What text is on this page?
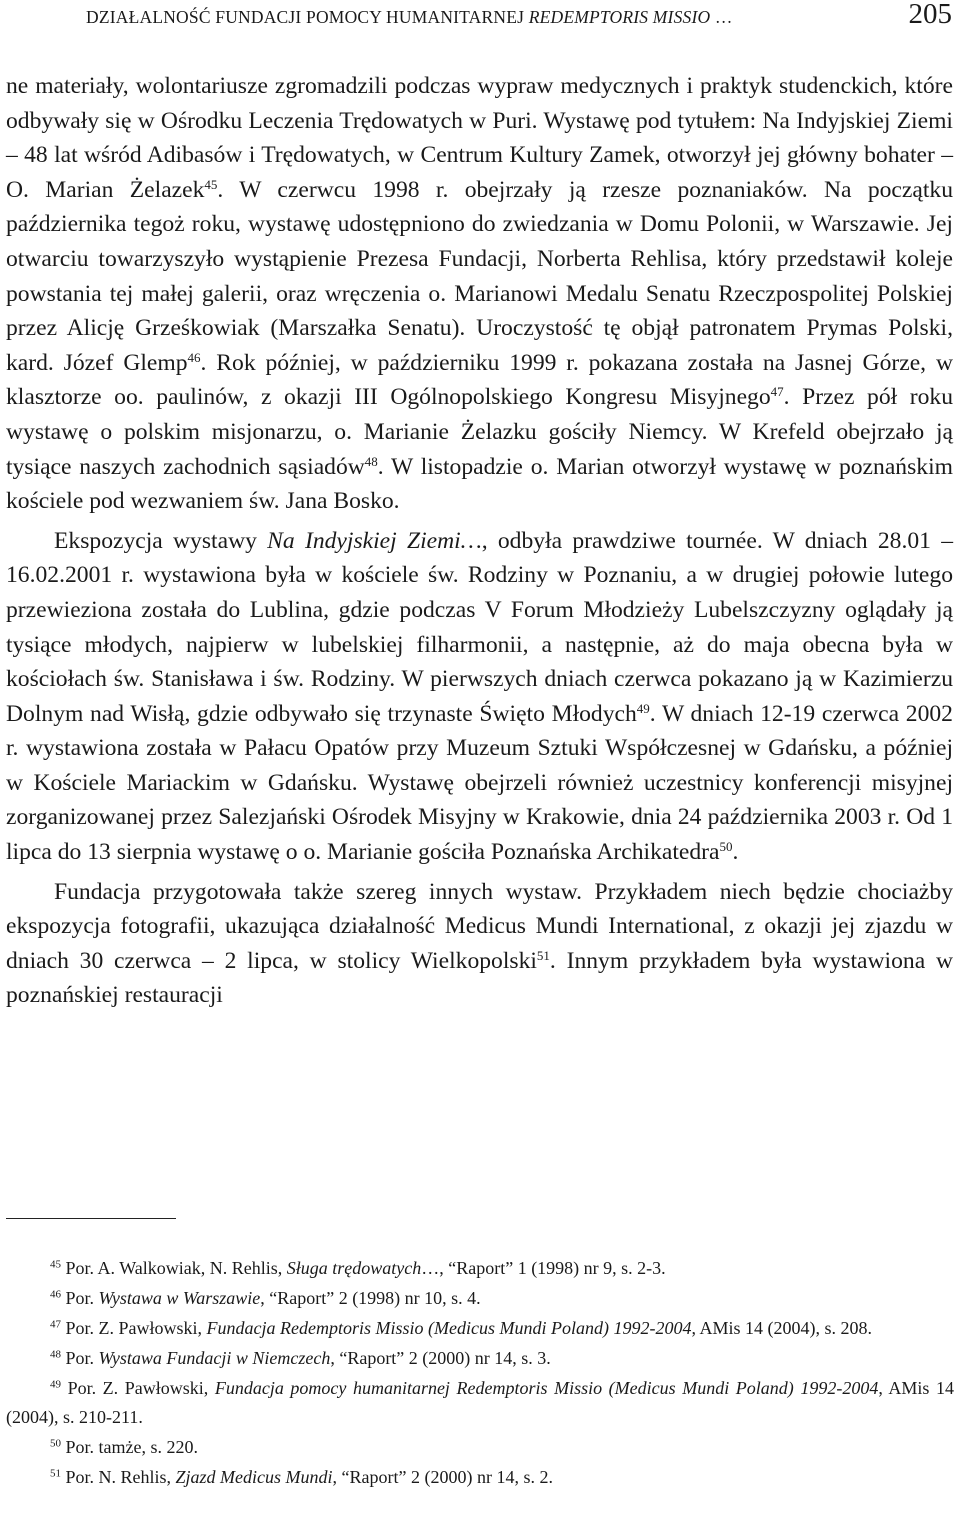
DZIAŁALNOŚĆ FUNDACJI POMOCY HUMANITARNEJ REDEMPTORIS MISSIO …	205

ne materiały, wolontariusze zgromadzili podczas wypraw medycznych i praktyk studenckich, które odbywały się w Ośrodku Leczenia Trędowatych w Puri. Wystawę pod tytułem: Na Indyjskiej Ziemi – 48 lat wśród Adibasów i Trędowatych, w Centrum Kultury Zamek, otworzył jej główny bohater – O. Marian Żelazek$^{45}$. W czerwcu 1998 r. obejrzały ją rzesze poznaniaków. Na początku października tegoż roku, wystawę udostępniono do zwiedzania w Domu Polonii, w Warszawie. Jej otwarciu towarzyszyło wystąpienie Prezesa Fundacji, Norberta Rehlisa, który przedstawił koleje powstania tej małej galerii, oraz wręczenia o. Marianowi Medalu Senatu Rzeczpospolitej Polskiej przez Alicję Grześkowiak (Marszałka Senatu). Uroczystość tę objął patronatem Prymas Polski, kard. Józef Glemp$^{46}$. Rok później, w październiku 1999 r. pokazana została na Jasnej Górze, w klasztorze oo. paulinów, z okazji III Ogólnopolskiego Kongresu Misyjnego$^{47}$. Przez pół roku wystawę o polskim misjonarzu, o. Marianie Żelazku gościły Niemcy. W Krefeld obejrzało ją tysiące naszych zachodnich sąsiadów$^{48}$. W listopadzie o. Marian otworzył wystawę w poznańskim kościele pod wezwaniem św. Jana Bosko.

Ekspozycja wystawy Na Indyjskiej Ziemi…, odbyła prawdziwe tournée. W dniach 28.01 – 16.02.2001 r. wystawiona była w kościele św. Rodziny w Poznaniu, a w drugiej połowie lutego przewieziona została do Lublina, gdzie podczas V Forum Młodzieży Lubelszczyzny oglądały ją tysiące młodych, najpierw w lubelskiej filharmonii, a następnie, aż do maja obecna była w kościołach św. Stanisława i św. Rodziny. W pierwszych dniach czerwca pokazano ją w Kazimierzu Dolnym nad Wisłą, gdzie odbywało się trzynaste Święto Młodych$^{49}$. W dniach 12-19 czerwca 2002 r. wystawiona została w Pałacu Opatów przy Muzeum Sztuki Współczesnej w Gdańsku, a później w Kościele Mariackim w Gdańsku. Wystawę obejrzeli również uczestnicy konferencji misyjnej zorganizowanej przez Salezjański Ośrodek Misyjny w Krakowie, dnia 24 października 2003 r. Od 1 lipca do 13 sierpnia wystawę o o. Marianie gościła Poznańska Archikatedra$^{50}$.

Fundacja przygotowała także szereg innych wystaw. Przykładem niech będzie chociażby ekspozycja fotografii, ukazująca działalność Medicus Mundi International, z okazji jej zjazdu w dniach 30 czerwca – 2 lipca, w stolicy Wielkopolski$^{51}$. Innym przykładem była wystawiona w poznańskiej restauracji

$^{45}$ Por. A. Walkowiak, N. Rehlis, Sługa trędowatych…, “Raport” 1 (1998) nr 9, s. 2-3.

$^{46}$ Por. Wystawa w Warszawie, “Raport” 2 (1998) nr 10, s. 4.

$^{47}$ Por. Z. Pawłowski, Fundacja Redemptoris Missio (Medicus Mundi Poland) 1992-2004, AMis 14 (2004), s. 208.

$^{48}$ Por. Wystawa Fundacji w Niemczech, “Raport” 2 (2000) nr 14, s. 3.

$^{49}$ Por. Z. Pawłowski, Fundacja pomocy humanitarnej Redemptoris Missio (Medicus Mundi Poland) 1992-2004, AMis 14 (2004), s. 210-211.

$^{50}$ Por. tamże, s. 220.

$^{51}$ Por. N. Rehlis, Zjazd Medicus Mundi, “Raport” 2 (2000) nr 14, s. 2.
